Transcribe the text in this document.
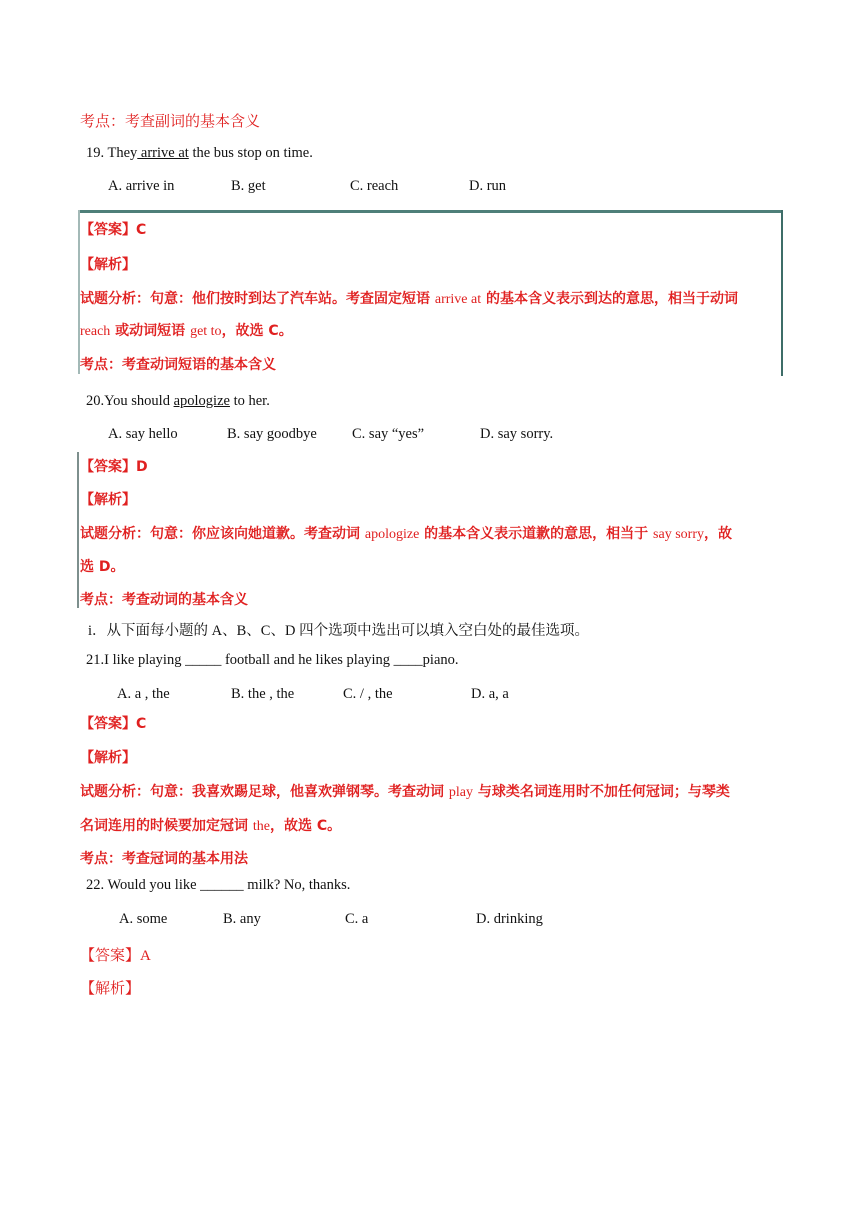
考点：考查副词的基本含义
19. They arrive at the bus stop on time.
A. arrive in	B. get	C. reach	D. run
【答案】C
【解析】
试题分析：句意：他们按时到达了汽车站。考查固定短语 arrive at 的基本含义表示到达的意思，相当于动词
reach 或动词短语 get to，故选 C。
考点：考查动词短语的基本含义
20.You should apologize to her.
A. say hello	B. say goodbye C. say “yes”	D. say sorry.
【答案】D
【解析】
试题分析：句意：你应该向她道歉。考查动词 apologize 的基本含义表示道歉的意思，相当于 say sorry，故
选 D。
考点：考查动词的基本含义
i．从下面每小题的 A、B、C、D 四个选项中选出可以填入空白处的最佳选项。
21.I like playing _____ football and he likes playing ____piano.
A. a , the	B. the , the	C. / , the	D. a, a
【答案】C
【解析】
试题分析：句意：我喜欢踢足球，他喜欢弹钢琴。考查动词 play 与球类名词连用时不加任何冠词；与琴类
名词连用的时候要加定冠词 the，故选 C。
考点：考查冠词的基本用法
22. Would you like ______ milk? No, thanks.
A. some	B. any	C. a	D. drinking
【答案】A
【解析】
